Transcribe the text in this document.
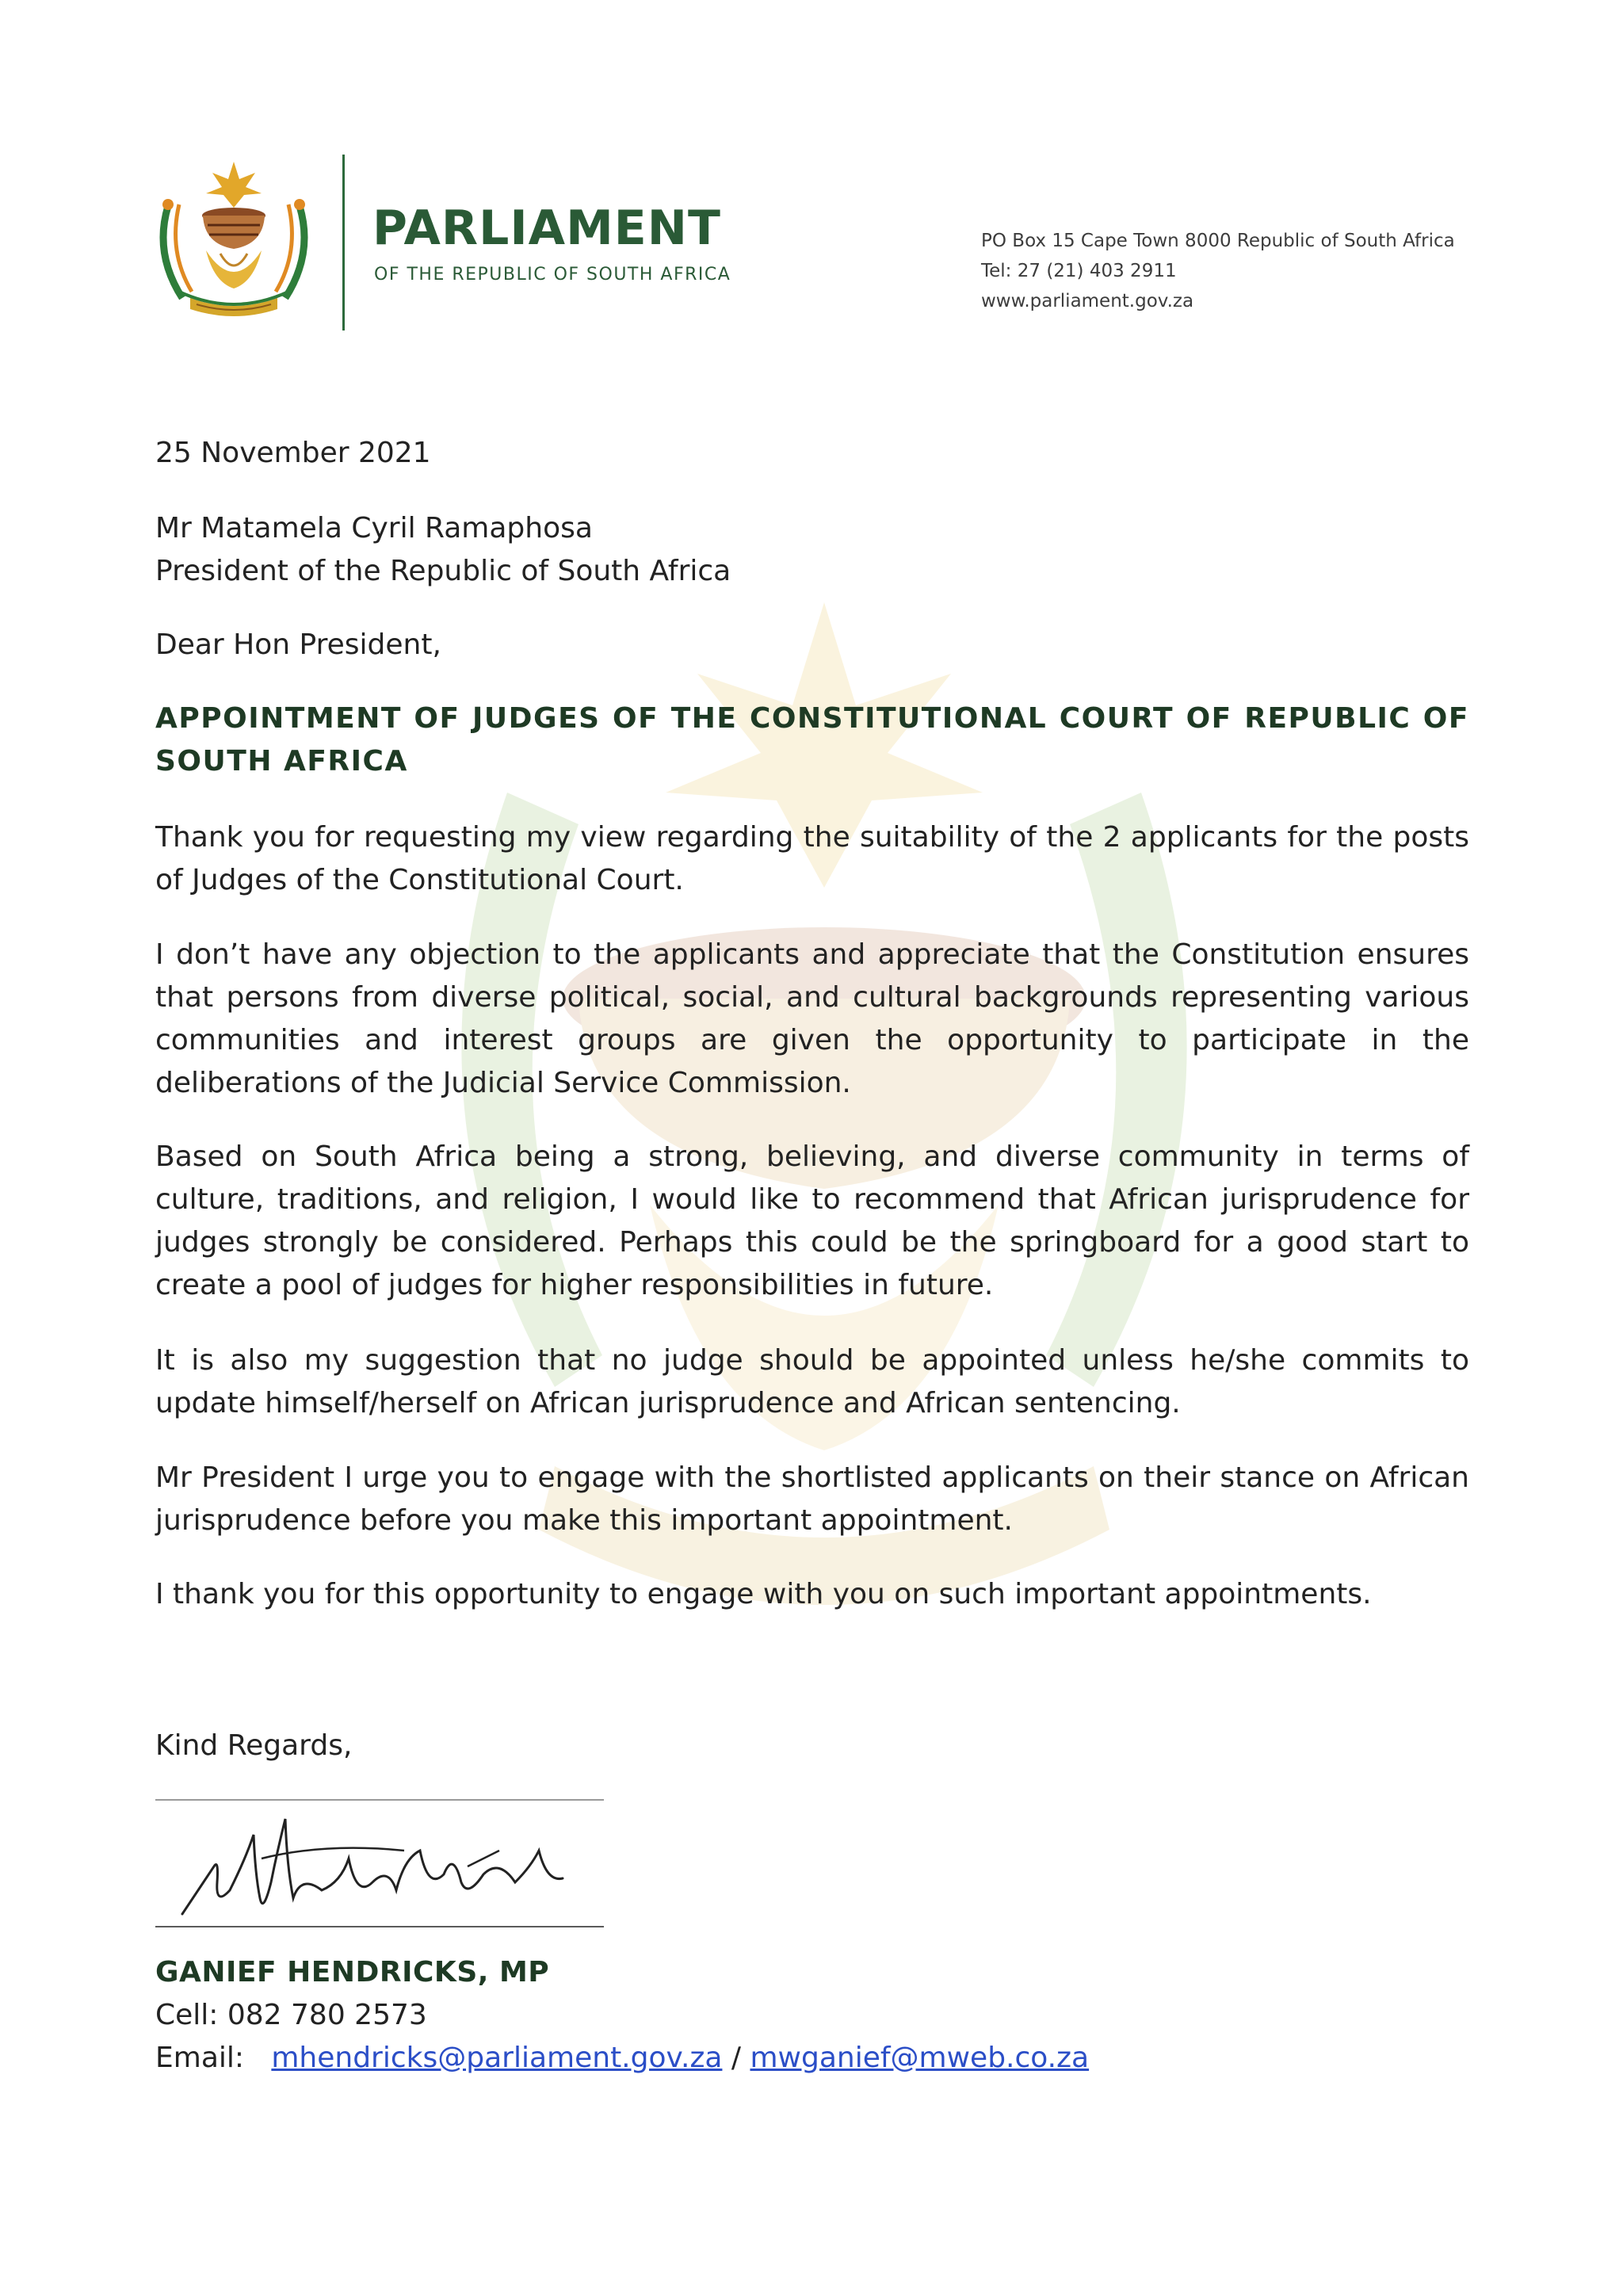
PARLIAMENT
OF THE REPUBLIC OF SOUTH AFRICA
PO Box 15 Cape Town 8000 Republic of South Africa
Tel: 27 (21) 403 2911
www.parliament.gov.za

25 November 2021

Mr Matamela Cyril Ramaphosa
President of the Republic of South Africa

Dear Hon President,

APPOINTMENT OF JUDGES OF THE CONSTITUTIONAL COURT OF REPUBLIC OF SOUTH AFRICA

Thank you for requesting my view regarding the suitability of the 2 applicants for the posts of Judges of the Constitutional Court.

I don’t have any objection to the applicants and appreciate that the Constitution ensures that persons from diverse political, social, and cultural backgrounds representing various communities and interest groups are given the opportunity to participate in the deliberations of the Judicial Service Commission.

Based on South Africa being a strong, believing, and diverse community in terms of culture, traditions, and religion, I would like to recommend that African jurisprudence for judges strongly be considered. Perhaps this could be the springboard for a good start to create a pool of judges for higher responsibilities in future.

It is also my suggestion that no judge should be appointed unless he/she commits to update himself/herself on African jurisprudence and African sentencing.

Mr President I urge you to engage with the shortlisted applicants on their stance on African jurisprudence before you make this important appointment.

I thank you for this opportunity to engage with you on such important appointments.

Kind Regards,

GANIEF HENDRICKS, MP
Cell: 082 780 2573
Email: mhendricks@parliament.gov.za / mwganief@mweb.co.za
